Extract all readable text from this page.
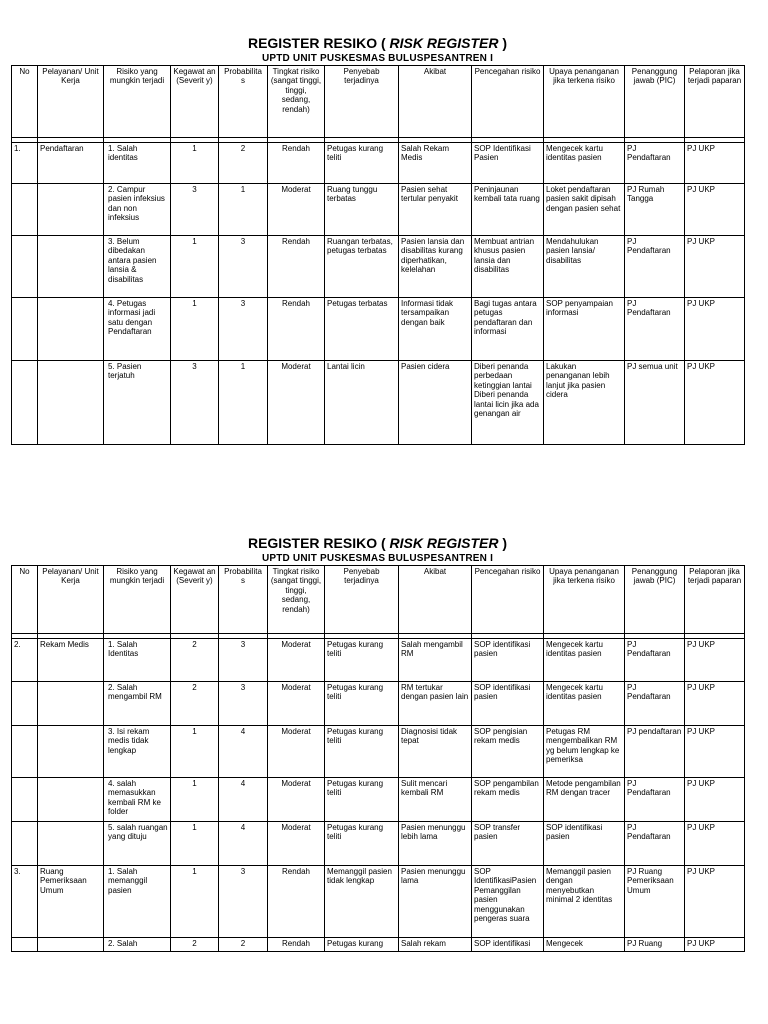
REGISTER RESIKO ( RISK REGISTER )
UPTD UNIT PUSKESMAS BULUSPESANTREN I
No	Pelayanan/ Unit Kerja	Risiko yang mungkin terjadi	Kegawat an (Severit y)	Probabilita s	Tingkat risiko (sangat tinggi, tinggi, sedang, rendah)	Penyebab terjadinya	Akibat	Pencegahan risiko	Upaya penanganan jika terkena risiko	Penanggung jawab (PIC)	Pelaporan jika terjadi paparan

1.	Pendaftaran	1. Salah identitas	1	2	Rendah	Petugas kurang teliti	Salah Rekam Medis	SOP Identifikasi Pasien	Mengecek kartu identitas pasien	PJ Pendaftaran	PJ UKP
		2. Campur pasien infeksius dan non infeksius	3	1	Moderat	Ruang tunggu terbatas	Pasien sehat tertular penyakit	Peninjaunan kembali tata ruang	Loket pendaftaran pasien sakit dipisah dengan pasien sehat	PJ Rumah Tangga	PJ UKP
		3. Belum dibedakan antara pasien lansia & disabilitas	1	3	Rendah	Ruangan terbatas, petugas terbatas	Pasien lansia dan disabilitas kurang diperhatikan, kelelahan	Membuat antrian khusus pasien lansia dan disabilitas	Mendahulukan pasien lansia/ disabilitas	PJ Pendaftaran	PJ UKP
		4. Petugas informasi jadi satu dengan Pendaftaran	1	3	Rendah	Petugas terbatas	Informasi tidak tersampaikan dengan baik	Bagi tugas antara petugas pendaftaran dan informasi	SOP penyampaian informasi	PJ Pendaftaran	PJ UKP
		5. Pasien terjatuh	3	1	Moderat	Lantai licin	Pasien cidera	Diberi penanda perbedaan ketinggian lantai Diberi penanda lantai licin jika ada genangan air	Lakukan penanganan lebih lanjut jika pasien cidera	PJ semua unit	PJ UKP
REGISTER RESIKO ( RISK REGISTER )
UPTD UNIT PUSKESMAS BULUSPESANTREN I
No	Pelayanan/ Unit Kerja	Risiko yang mungkin terjadi	Kegawat an (Severit y)	Probabilita s	Tingkat risiko (sangat tinggi, tinggi, sedang, rendah)	Penyebab terjadinya	Akibat	Pencegahan risiko	Upaya penanganan jika terkena risiko	Penanggung jawab (PIC)	Pelaporan jika terjadi paparan

2.	Rekam Medis	1. Salah Identitas	2	3	Moderat	Petugas kurang teliti	Salah mengambil RM	SOP identifikasi pasien	Mengecek kartu identitas pasien	PJ Pendaftaran	PJ UKP
		2. Salah mengambil RM	2	3	Moderat	Petugas kurang teliti	RM tertukar dengan pasien lain	SOP identifikasi pasien	Mengecek kartu identitas pasien	PJ Pendaftaran	PJ UKP
		3. Isi rekam medis tidak lengkap	1	4	Moderat	Petugas kurang teliti	Diagnosisi tidak tepat	SOP pengisian rekam medis	Petugas RM mengembalikan RM yg belum lengkap ke pemeriksa	PJ pendaftaran	PJ UKP
		4. salah memasukkan kembali RM ke folder	1	4	Moderat	Petugas kurang teliti	Sulit mencari kembali RM	SOP pengambilan rekam medis	Metode pengambilan RM dengan tracer	PJ Pendaftaran	PJ UKP
		5. salah ruangan yang dituju	1	4	Moderat	Petugas kurang teliti	Pasien menunggu lebih lama	SOP transfer pasien	SOP identifikasi pasien	PJ Pendaftaran	PJ UKP
3.	Ruang Pemeriksaan Umum	1. Salah memanggil pasien	1	3	Rendah	Memanggil pasien tidak lengkap	Pasien menunggu lama	SOP IdentifikasiPasien Pemanggilan pasien menggunakan pengeras suara	Memanggil pasien dengan menyebutkan minimal 2 identitas	PJ Ruang Pemeriksaan Umum	PJ UKP
		2. Salah	2	2	Rendah	Petugas kurang	Salah rekam	SOP identifikasi	Mengecek	PJ Ruang	PJ UKP
